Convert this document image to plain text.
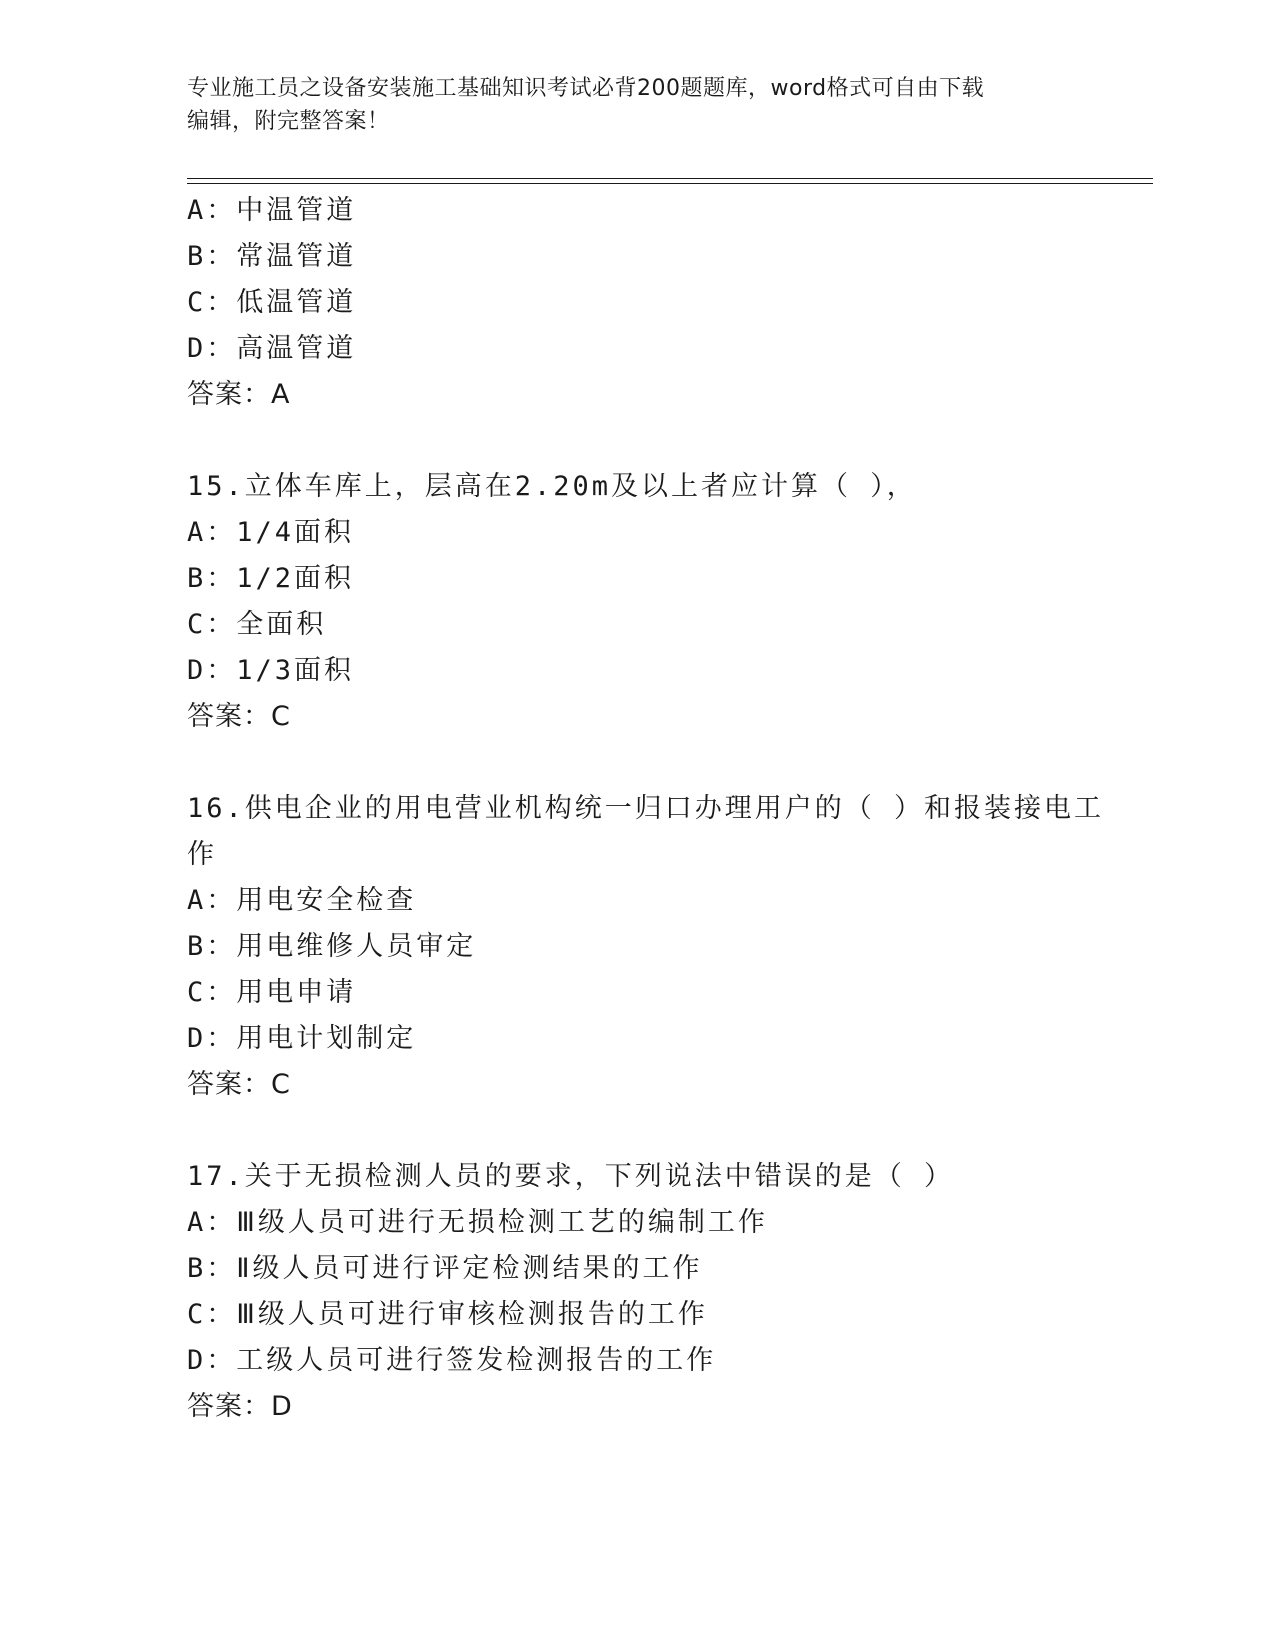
专业施工员之设备安装施工基础知识考试必背200题题库，word格式可自由下载
编辑，附完整答案！
A：中温管道
B：常温管道
C：低温管道
D：高温管道
答案：A
15.立体车库上，层高在2.20m及以上者应计算（ ），
A：1/4面积
B：1/2面积
C：全面积
D：1/3面积
答案：C
16.供电企业的用电营业机构统一归口办理用户的（ ）和报装接电工
作
A：用电安全检查
B：用电维修人员审定
C：用电申请
D：用电计划制定
答案：C
17.关于无损检测人员的要求，下列说法中错误的是（ ）
A：Ⅲ级人员可进行无损检测工艺的编制工作
B：Ⅱ级人员可进行评定检测结果的工作
C：Ⅲ级人员可进行审核检测报告的工作
D：工级人员可进行签发检测报告的工作
答案：D
